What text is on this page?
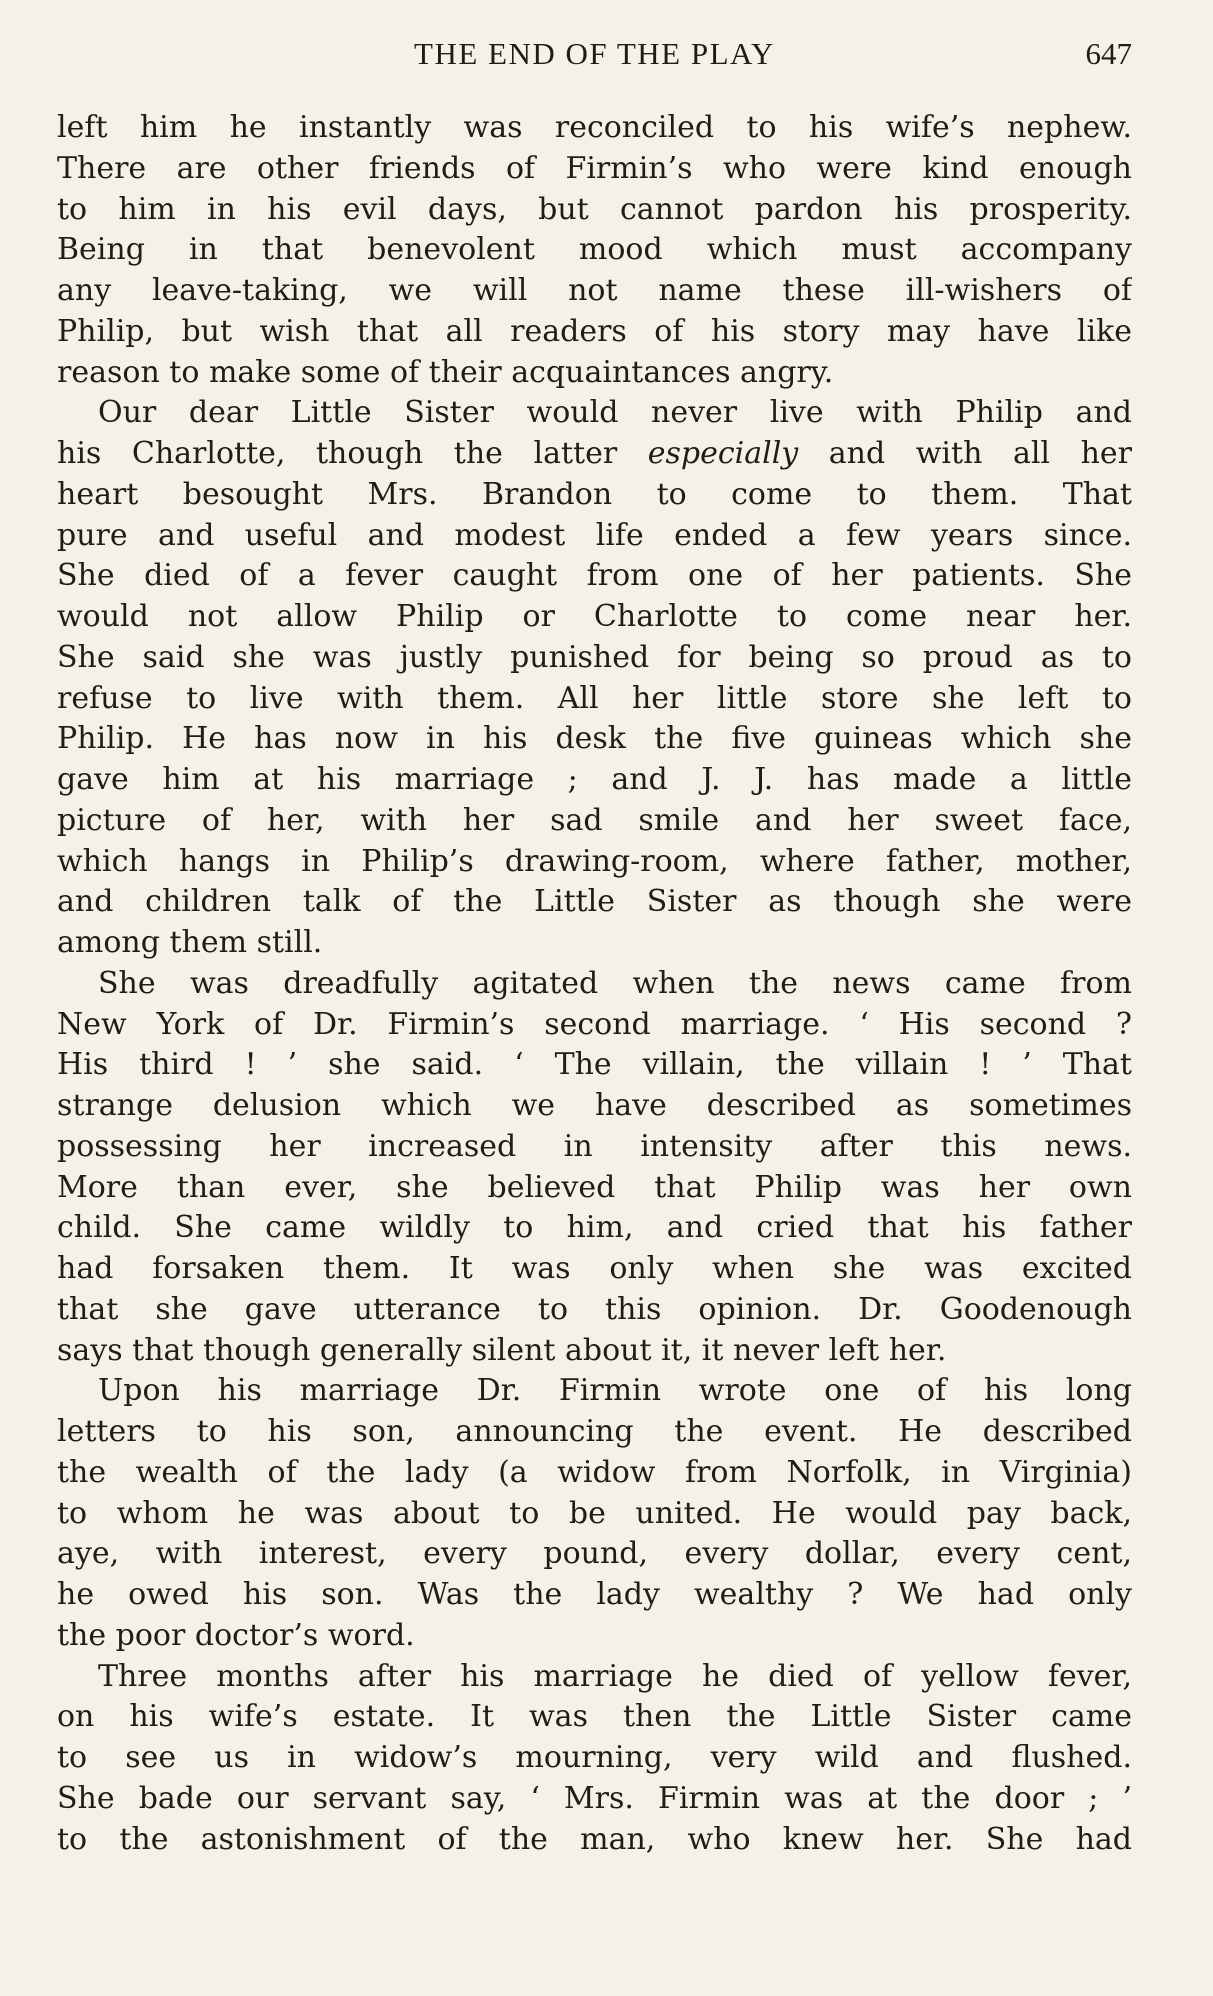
THE END OF THE PLAY	647
left him he instantly was reconciled to his wife’s nephew.
There are other friends of Firmin’s who were kind enough
to him in his evil days, but cannot pardon his prosperity.
Being in that benevolent mood which must accompany
any leave-taking, we will not name these ill-wishers of
Philip, but wish that all readers of his story may have like
reason to make some of their acquaintances angry.
Our dear Little Sister would never live with Philip and
his Charlotte, though the latter especially and with all her
heart besought Mrs. Brandon to come to them. That
pure and useful and modest life ended a few years since.
She died of a fever caught from one of her patients. She
would not allow Philip or Charlotte to come near her.
She said she was justly punished for being so proud as to
refuse to live with them. All her little store she left to
Philip. He has now in his desk the five guineas which she
gave him at his marriage ; and J. J. has made a little
picture of her, with her sad smile and her sweet face,
which hangs in Philip’s drawing-room, where father, mother,
and children talk of the Little Sister as though she were
among them still.
She was dreadfully agitated when the news came from
New York of Dr. Firmin’s second marriage. ‘ His second ?
His third ! ’ she said. ‘ The villain, the villain ! ’ That
strange delusion which we have described as sometimes
possessing her increased in intensity after this news.
More than ever, she believed that Philip was her own
child. She came wildly to him, and cried that his father
had forsaken them. It was only when she was excited
that she gave utterance to this opinion. Dr. Goodenough
says that though generally silent about it, it never left her.
Upon his marriage Dr. Firmin wrote one of his long
letters to his son, announcing the event. He described
the wealth of the lady (a widow from Norfolk, in Virginia)
to whom he was about to be united. He would pay back,
aye, with interest, every pound, every dollar, every cent,
he owed his son. Was the lady wealthy ? We had only
the poor doctor’s word.
Three months after his marriage he died of yellow fever,
on his wife’s estate. It was then the Little Sister came
to see us in widow’s mourning, very wild and flushed.
She bade our servant say, ‘ Mrs. Firmin was at the door ; ’
to the astonishment of the man, who knew her. She had
